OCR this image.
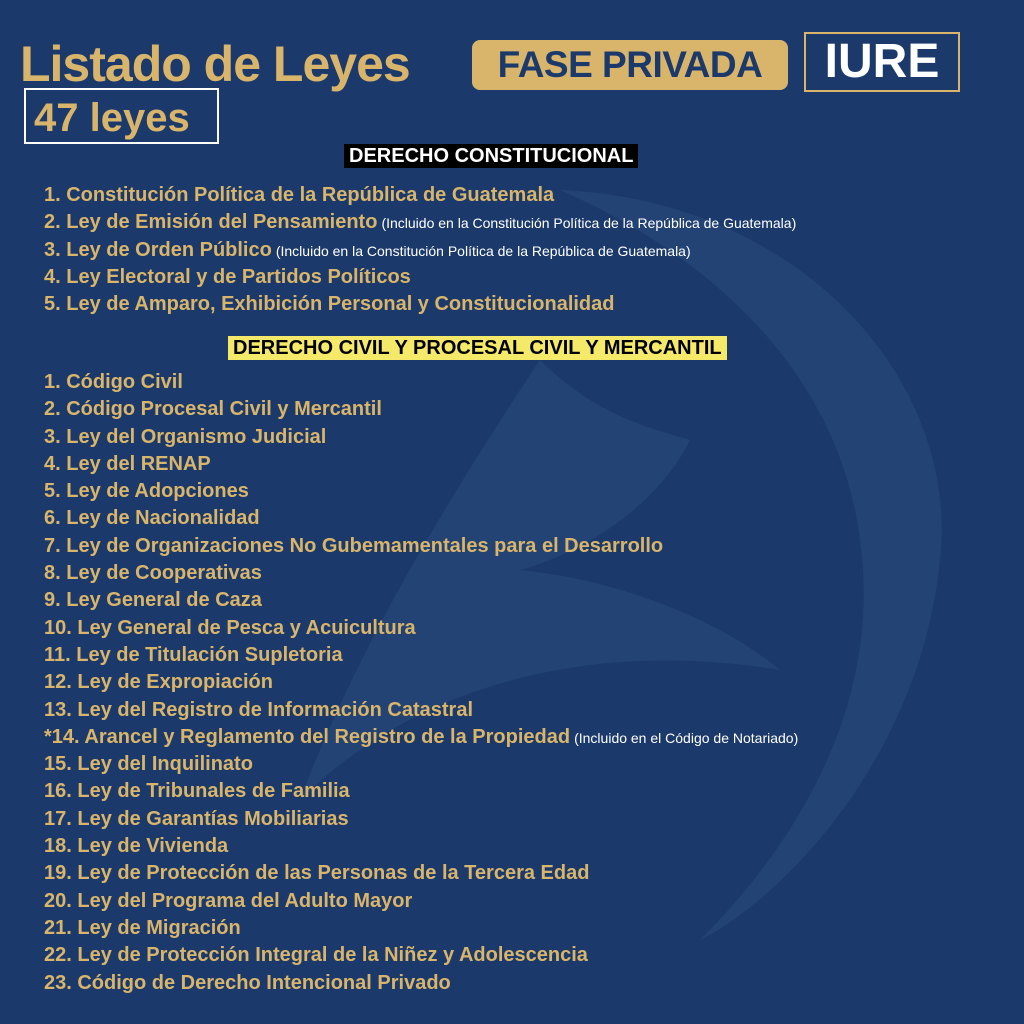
Listado de Leyes	FASE PRIVADA	IURE
47 leyes
DERECHO CONSTITUCIONAL
1. Constitución Política de la República de Guatemala
2. Ley de Emisión del Pensamiento (Incluido en la Constitución Política de la República de Guatemala)
3. Ley de Orden Público (Incluido en la Constitución Política de la República de Guatemala)
4. Ley Electoral y de Partidos Políticos
5. Ley de Amparo, Exhibición Personal y Constitucionalidad
DERECHO CIVIL Y PROCESAL CIVIL Y MERCANTIL
1. Código Civil
2. Código Procesal Civil y Mercantil
3. Ley del Organismo Judicial
4. Ley del RENAP
5. Ley de Adopciones
6. Ley de Nacionalidad
7. Ley de Organizaciones No Gubemamentales para el Desarrollo
8. Ley de Cooperativas
9. Ley General de Caza
10. Ley General de Pesca y Acuicultura
11. Ley de Titulación Supletoria
12. Ley de Expropiación
13. Ley del Registro de Información Catastral
*14. Arancel y Reglamento del Registro de la Propiedad (Incluido en el Código de Notariado)
15. Ley del Inquilinato
16. Ley de Tribunales de Familia
17. Ley de Garantías Mobiliarias
18. Ley de Vivienda
19. Ley de Protección de las Personas de la Tercera Edad
20. Ley del Programa del Adulto Mayor
21. Ley de Migración
22. Ley de Protección Integral de la Niñez y Adolescencia
23. Código de Derecho Intencional Privado
